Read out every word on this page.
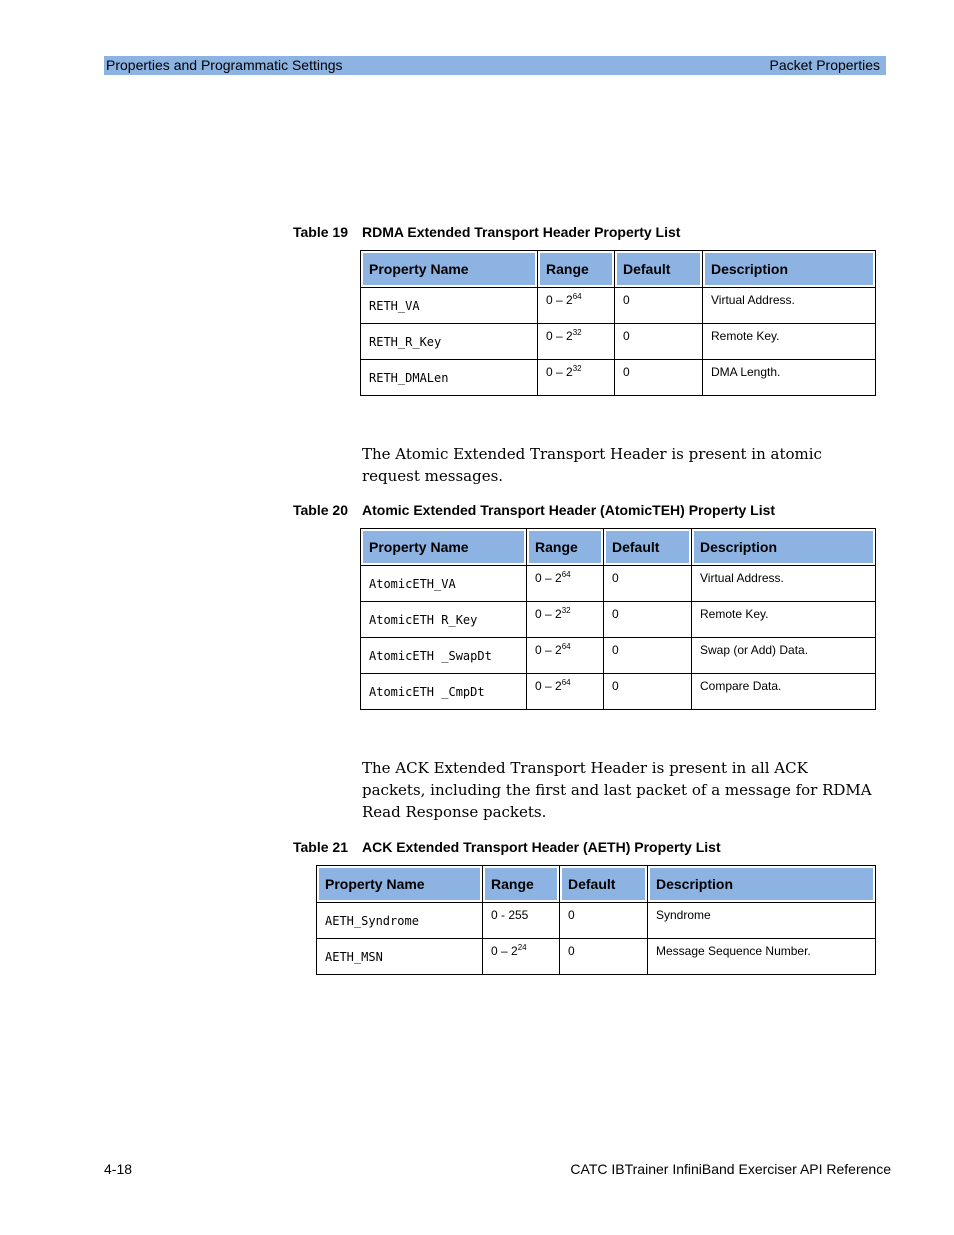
Properties and Programmatic Settings	Packet Properties
Table 19 RDMA Extended Transport Header Property List
Property Name	Range	Default	Description
RETH_VA	$0 - 2^{64}$	0	Virtual Address.
RETH_R_Key	$0 - 2^{32}$	0	Remote Key.
RETH_DMALen	$0 - 2^{32}$	0	DMA Length.
The Atomic Extended Transport Header is present in atomic request messages.
Table 20 Atomic Extended Transport Header (AtomicTEH) Property List
Property Name	Range	Default	Description
AtomicETH_VA	$0 - 2^{64}$	0	Virtual Address.
AtomicETH R_Key	$0 - 2^{32}$	0	Remote Key.
AtomicETH _SwapDt	$0 - 2^{64}$	0	Swap (or Add) Data.
AtomicETH _CmpDt	$0 - 2^{64}$	0	Compare Data.
The ACK Extended Transport Header is present in all ACK packets, including the first and last packet of a message for RDMA Read Response packets.
Table 21 ACK Extended Transport Header (AETH) Property List
Property Name	Range	Default	Description
AETH_Syndrome	0 - 255	0	Syndrome
AETH_MSN	$0 - 2^{24}$	0	Message Sequence Number.
4-18	CATC IBTrainer InfiniBand Exerciser API Reference
